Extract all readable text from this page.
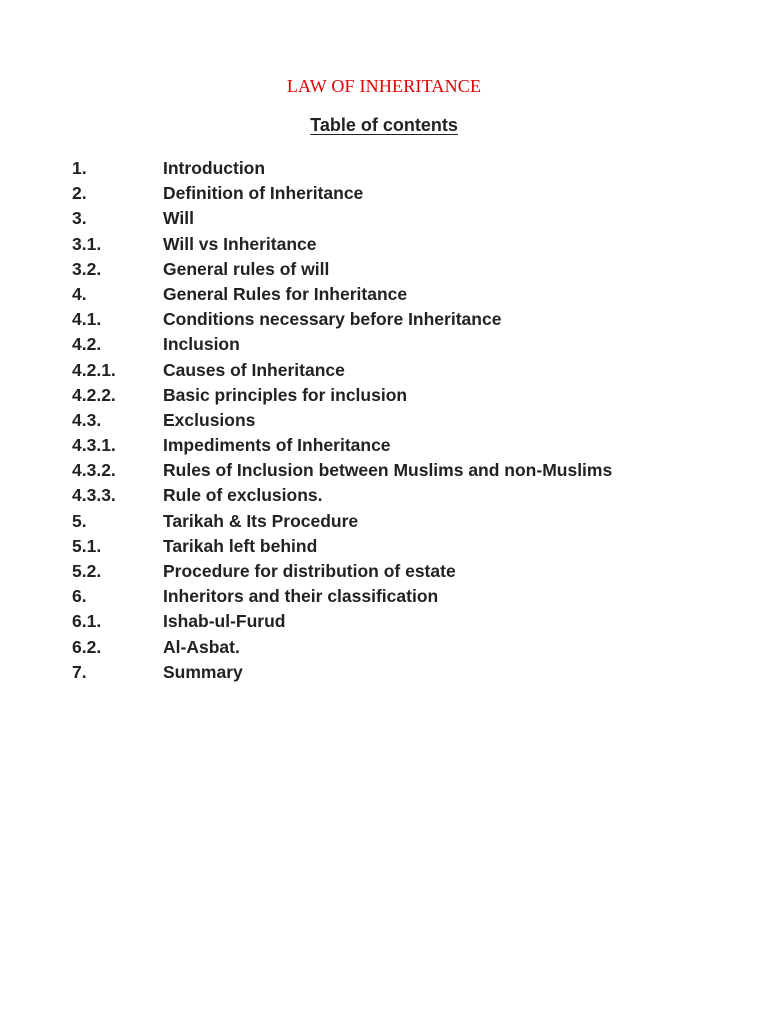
LAW OF INHERITANCE
Table of contents
1.	Introduction
2.	Definition of Inheritance
3.	Will
3.1.	Will vs Inheritance
3.2.	General rules of will
4.	General Rules for Inheritance
4.1.	Conditions necessary before Inheritance
4.2.	Inclusion
4.2.1.	Causes of Inheritance
4.2.2.	Basic principles for inclusion
4.3.	Exclusions
4.3.1.	Impediments of Inheritance
4.3.2.	Rules of Inclusion between Muslims and non-Muslims
4.3.3.	Rule of exclusions.
5.	Tarikah & Its Procedure
5.1.	Tarikah left behind
5.2.	Procedure for distribution of estate
6.	Inheritors and their classification
6.1.	Ishab-ul-Furud
6.2.	Al-Asbat.
7.	Summary
